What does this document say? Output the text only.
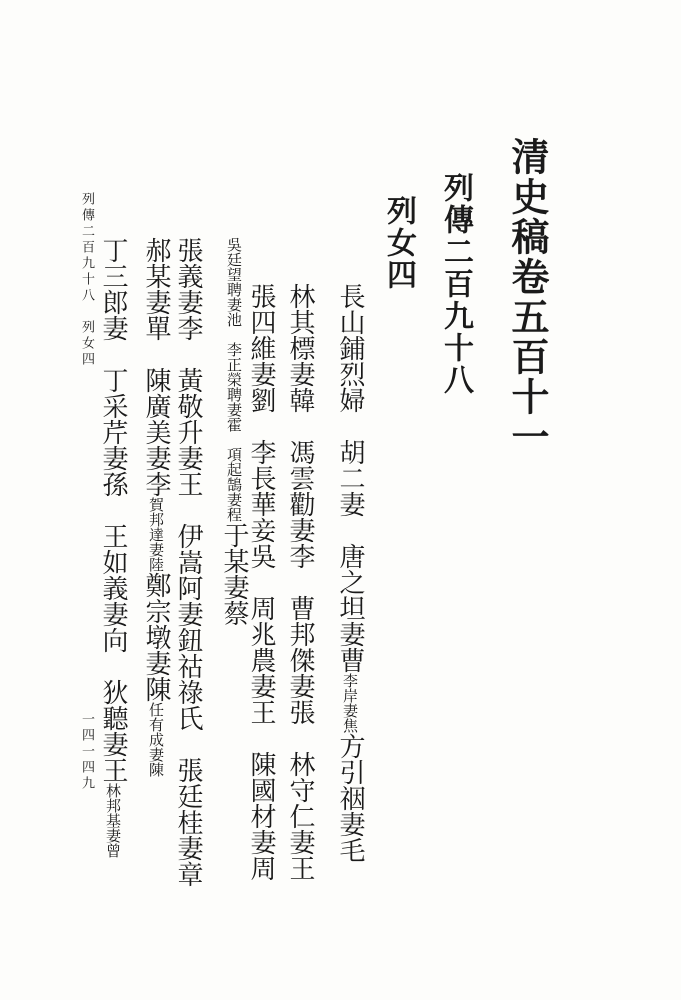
清史稿卷五百十一
列傳二百九十八
列女四
長山鋪烈婦　胡二妻　唐之坦妻曹李岸妻焦方引䄄妻毛
林其標妻韓　馮雲勸妻李　曹邦傑妻張　林守仁妻王
張四維妻劉　李長華妾吳　周兆農妻王　陳國材妻周
吳廷望聘妻池　李正榮聘妻霍　項起鵠妻程于某妻蔡
張義妻李　黃敬升妻王　伊嵩阿妻鈕祜祿氏　張廷桂妻章
郝某妻單　陳廣美妻李賀邦達妻陸鄭宗墩妻陳任有成妻陳
丁三郎妻　丁采芹妻孫　王如義妻向　狄聽妻王林邦基妻曾
列傳二百九十八　列女四
一四一四九
